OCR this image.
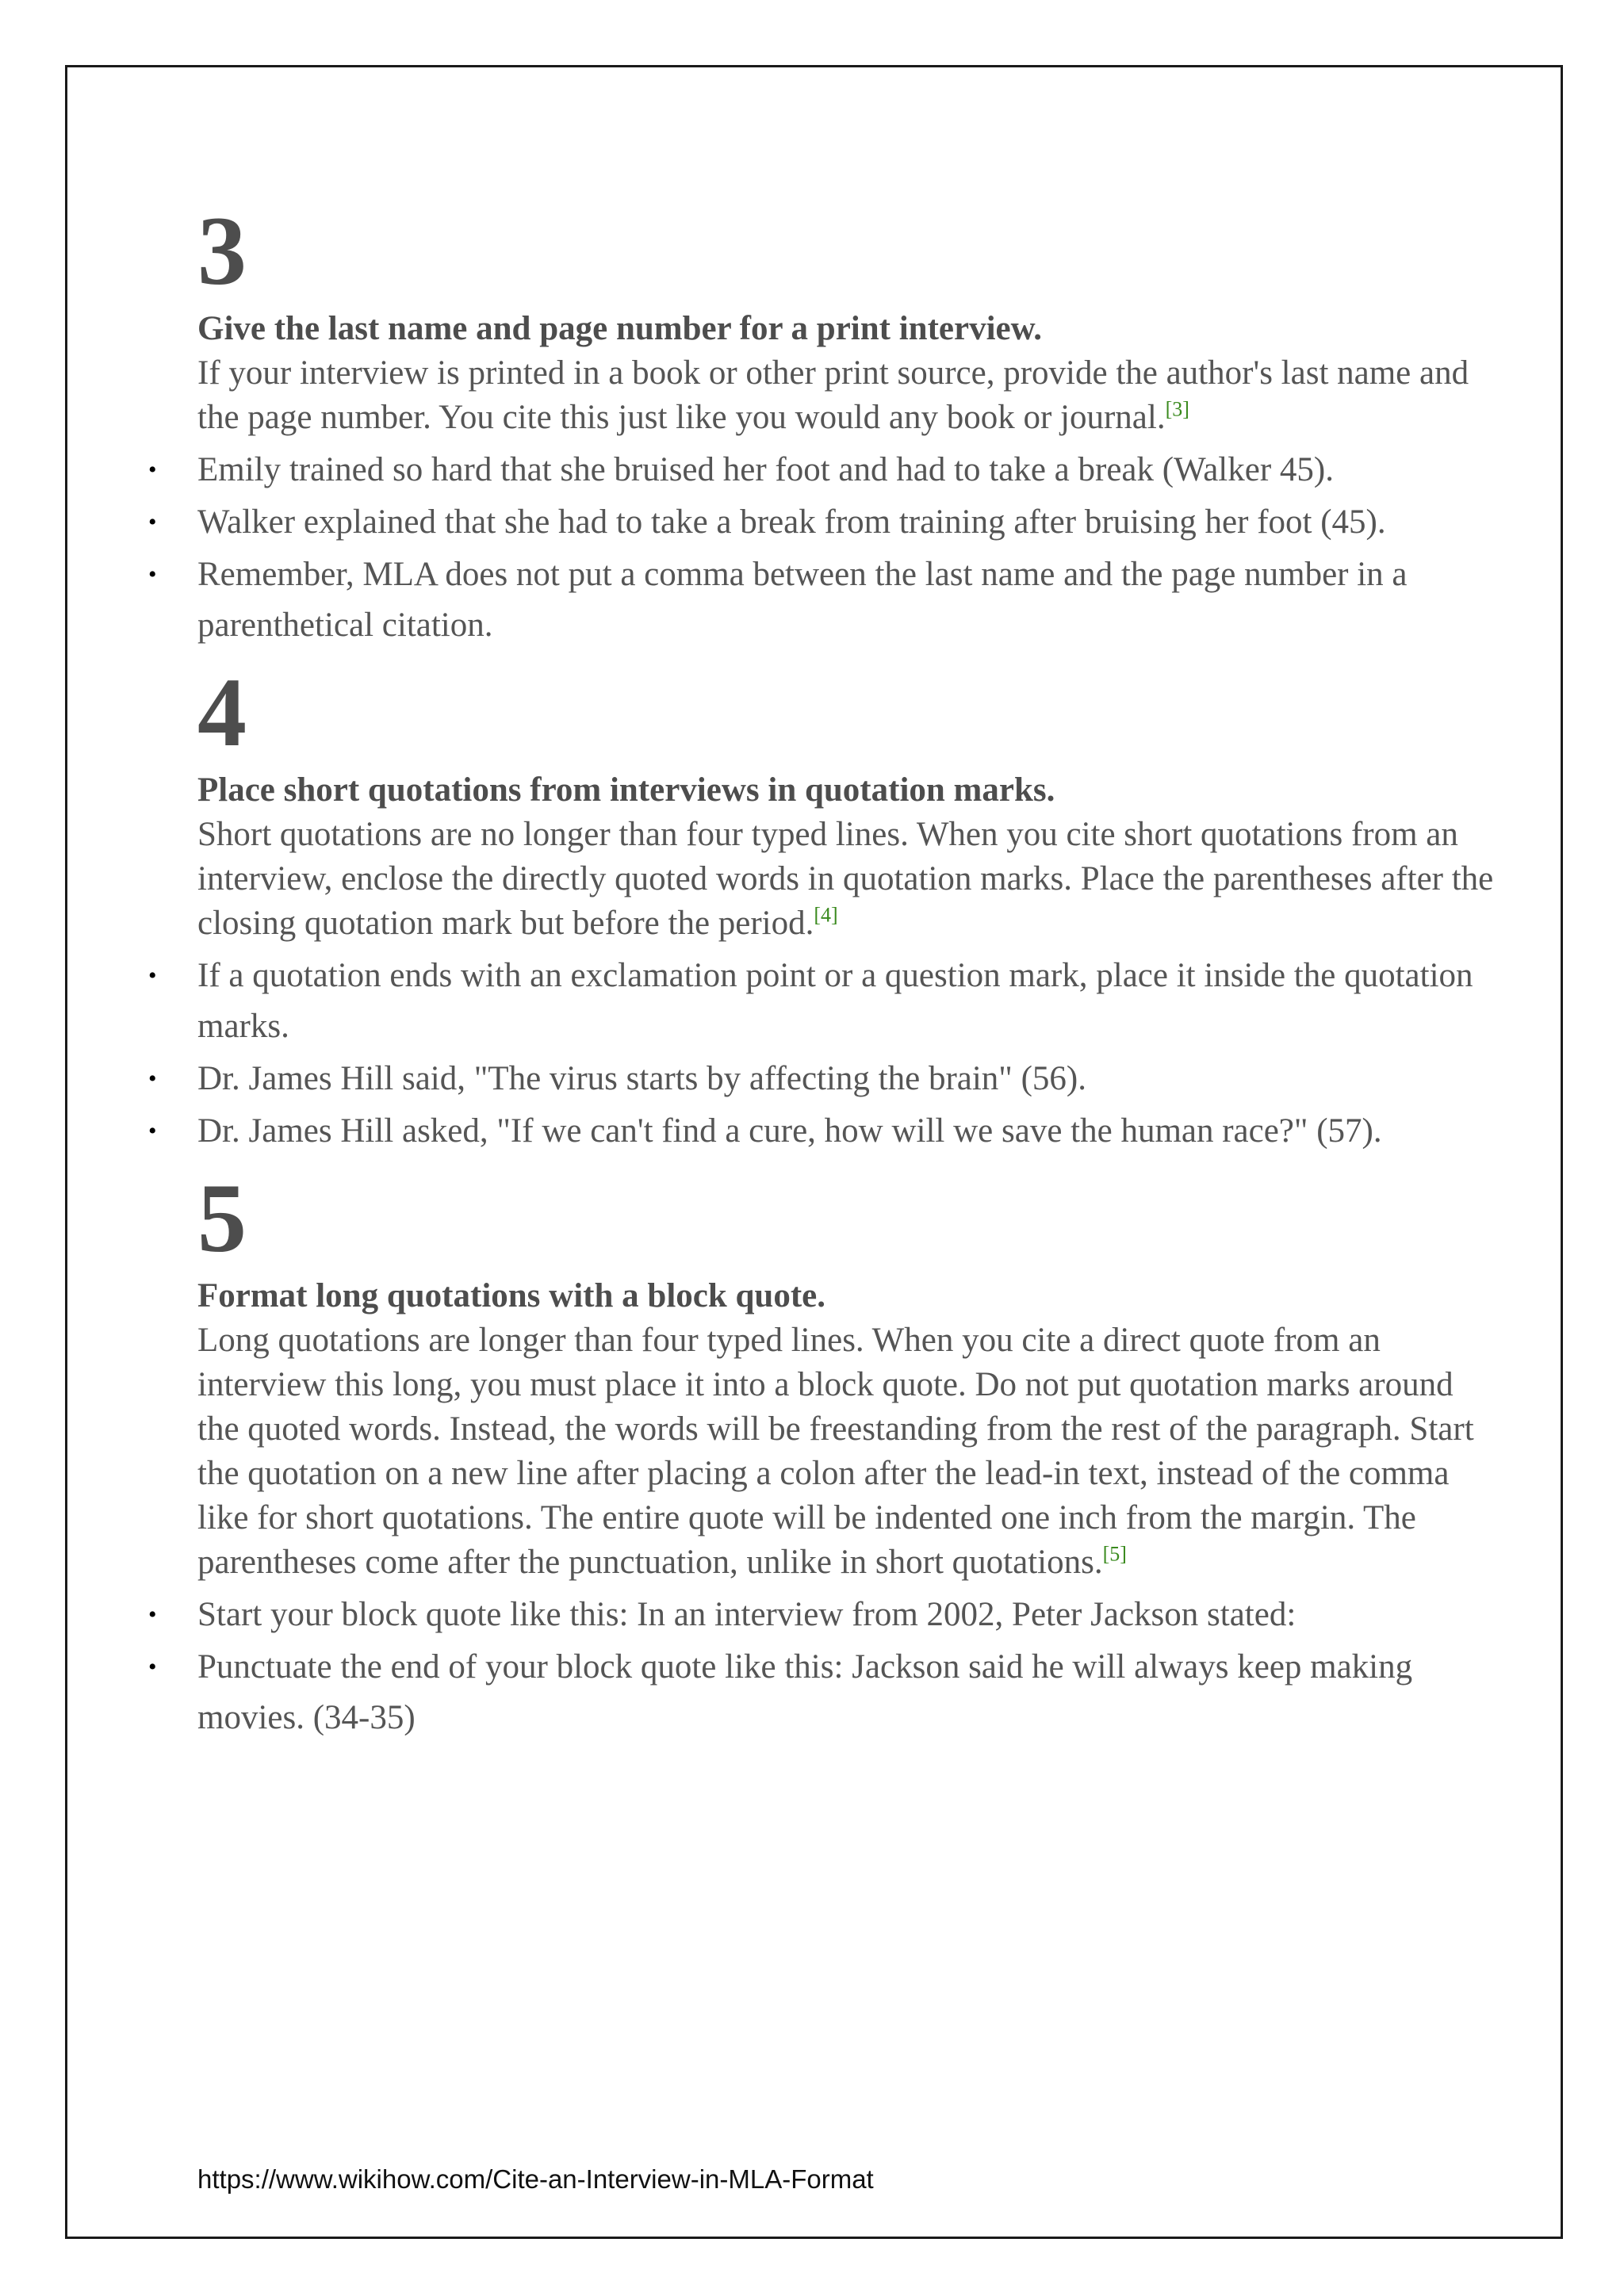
3

Give the last name and page number for a print interview.

If your interview is printed in a book or other print source, provide the author's last name and the page number. You cite this just like you would any book or journal.[3]

• Emily trained so hard that she bruised her foot and had to take a break (Walker 45).
• Walker explained that she had to take a break from training after bruising her foot (45).
• Remember, MLA does not put a comma between the last name and the page number in a parenthetical citation.
4

Place short quotations from interviews in quotation marks.

Short quotations are no longer than four typed lines. When you cite short quotations from an interview, enclose the directly quoted words in quotation marks. Place the parentheses after the closing quotation mark but before the period.[4]

• If a quotation ends with an exclamation point or a question mark, place it inside the quotation marks.
• Dr. James Hill said, "The virus starts by affecting the brain" (56).
• Dr. James Hill asked, "If we can't find a cure, how will we save the human race?" (57).
5

Format long quotations with a block quote.

Long quotations are longer than four typed lines. When you cite a direct quote from an interview this long, you must place it into a block quote. Do not put quotation marks around the quoted words. Instead, the words will be freestanding from the rest of the paragraph. Start the quotation on a new line after placing a colon after the lead-in text, instead of the comma like for short quotations. The entire quote will be indented one inch from the margin. The parentheses come after the punctuation, unlike in short quotations.[5]

• Start your block quote like this: In an interview from 2002, Peter Jackson stated:
• Punctuate the end of your block quote like this: Jackson said he will always keep making movies. (34-35)
https://www.wikihow.com/Cite-an-Interview-in-MLA-Format
